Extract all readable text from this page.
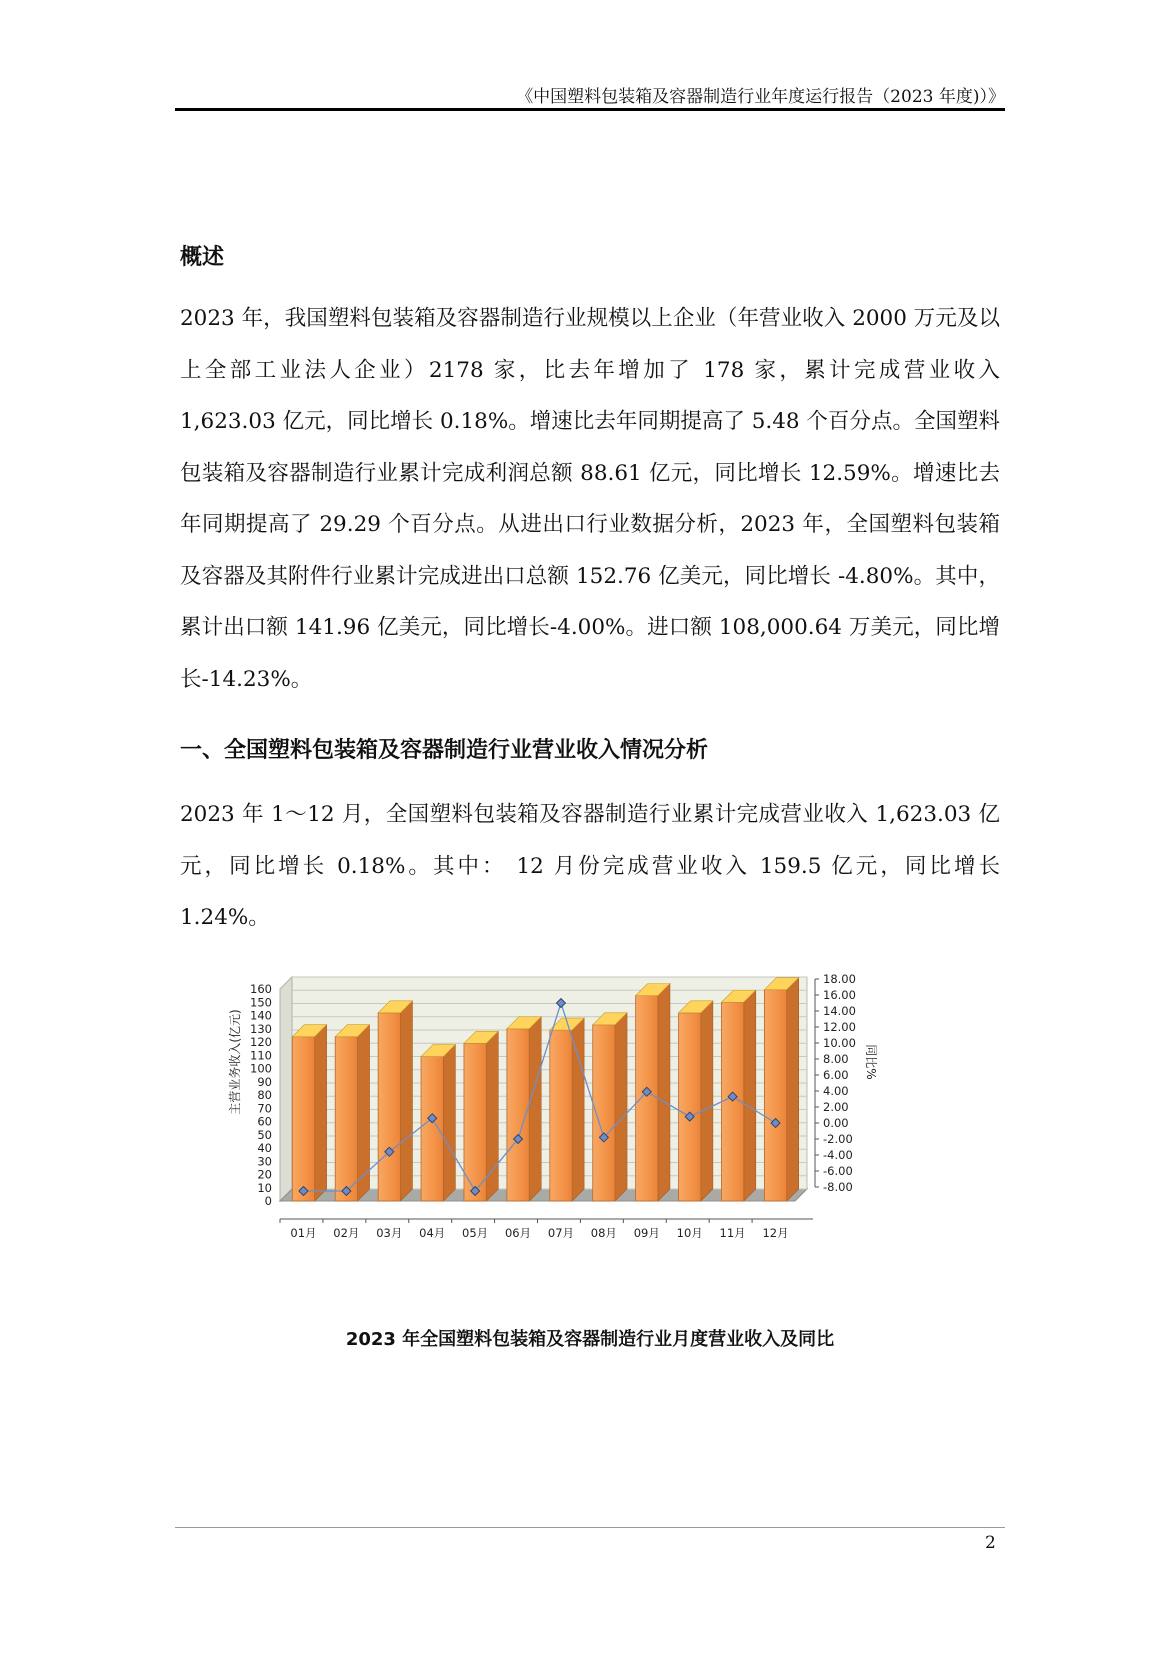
《中国塑料包装箱及容器制造行业年度运行报告（2023 年度)）》
概述

2023 年，我国塑料包装箱及容器制造行业规模以上企业（年营业收入 2000 万元及以上全部工业法人企业）2178 家，比去年增加了 178 家，累计完成营业收入 1,623.03 亿元，同比增长 0.18%。增速比去年同期提高了 5.48 个百分点。全国塑料包装箱及容器制造行业累计完成利润总额 88.61 亿元，同比增长 12.59%。增速比去年同期提高了 29.29 个百分点。从进出口行业数据分析，2023 年，全国塑料包装箱及容器及其附件行业累计完成进出口总额 152.76 亿美元，同比增长 -4.80%。其中，累计出口额 141.96 亿美元，同比增长-4.00%。进口额 108,000.64 万美元，同比增长-14.23%。

一、全国塑料包装箱及容器制造行业营业收入情况分析

2023 年 1～12 月，全国塑料包装箱及容器制造行业累计完成营业收入 1,623.03 亿元，同比增长 0.18%。其中： 12 月份完成营业收入 159.5 亿元，同比增长 1.24%。

0
10
20
30
40
50
60
70
80
90
100
110
120
130
140
150
160
-8.00
-6.00
-4.00
-2.00
0.00
2.00
4.00
6.00
8.00
10.00
12.00
14.00
16.00
18.00
01月 02月 03月 04月 05月 06月 07月 08月 09月 10月 11月 12月
主营业务收入(亿元)	同比%
2023 年全国塑料包装箱及容器制造行业月度营业收入及同比
2
